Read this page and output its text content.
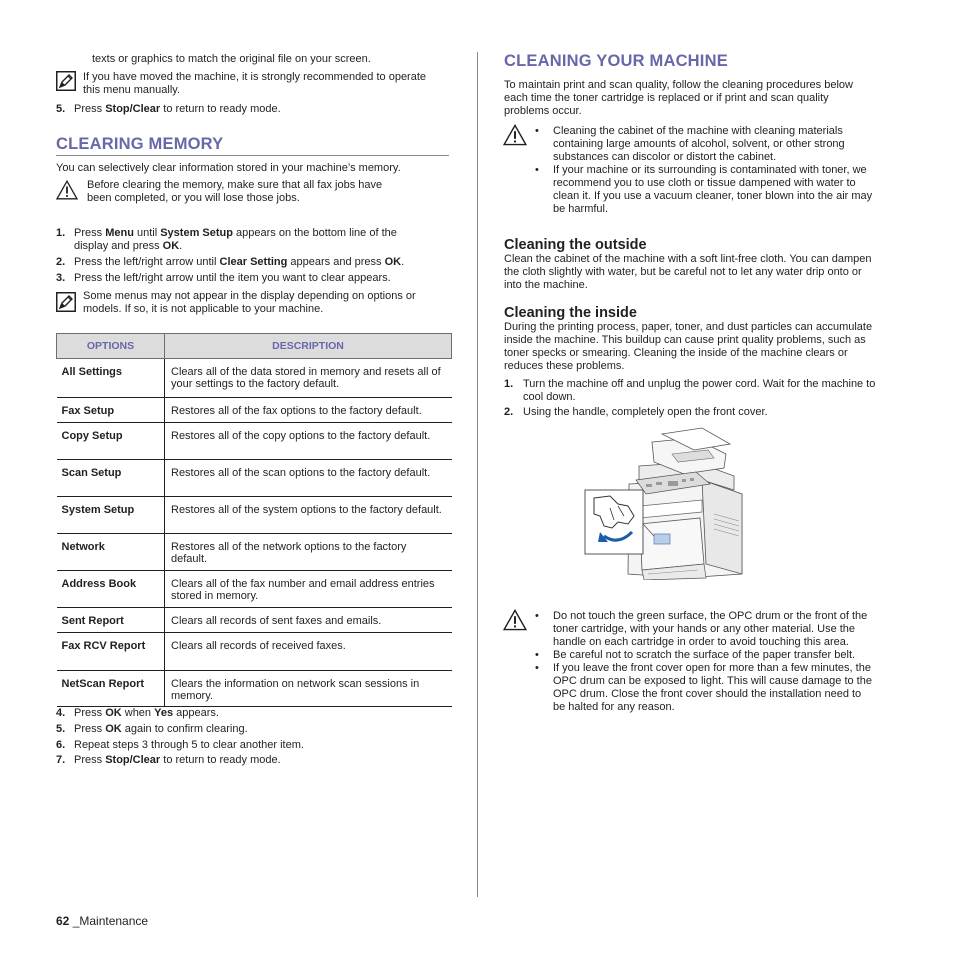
texts or graphics to match the original file on your screen.
If you have moved the machine, it is strongly recommended to operate
this menu manually.
5. Press Stop/Clear to return to ready mode.
CLEARING MEMORY
You can selectively clear information stored in your machine’s memory.
Before clearing the memory, make sure that all fax jobs have
been completed, or you will lose those jobs.
1. Press Menu until System Setup appears on the bottom line of the
display and press OK.
2. Press the left/right arrow until Clear Setting appears and press OK.
3. Press the left/right arrow until the item you want to clear appears.
Some menus may not appear in the display depending on options or
models. If so, it is not applicable to your machine.
OPTIONS	DESCRIPTION
All Settings	Clears all of the data stored in memory and resets all of your settings to the factory default.
Fax Setup	Restores all of the fax options to the factory default.
Copy Setup	Restores all of the copy options to the factory default.
Scan Setup	Restores all of the scan options to the factory default.
System Setup	Restores all of the system options to the factory default.
Network	Restores all of the network options to the factory default.
Address Book	Clears all of the fax number and email address entries stored in memory.
Sent Report	Clears all records of sent faxes and emails.
Fax RCV Report	Clears all records of received faxes.
NetScan Report	Clears the information on network scan sessions in memory.
4. Press OK when Yes appears.
5. Press OK again to confirm clearing.
6. Repeat steps 3 through 5 to clear another item.
7. Press Stop/Clear to return to ready mode.
62 _Maintenance
CLEANING YOUR MACHINE
To maintain print and scan quality, follow the cleaning procedures below
each time the toner cartridge is replaced or if print and scan quality
problems occur.
• Cleaning the cabinet of the machine with cleaning materials
containing large amounts of alcohol, solvent, or other strong
substances can discolor or distort the cabinet.
• If your machine or its surrounding is contaminated with toner, we
recommend you to use cloth or tissue dampened with water to
clean it. If you use a vacuum cleaner, toner blown into the air may
be harmful.
Cleaning the outside
Clean the cabinet of the machine with a soft lint-free cloth. You can dampen
the cloth slightly with water, but be careful not to let any water drip onto or
into the machine.
Cleaning the inside
During the printing process, paper, toner, and dust particles can accumulate
inside the machine. This buildup can cause print quality problems, such as
toner specks or smearing. Cleaning the inside of the machine clears or
reduces these problems.
1. Turn the machine off and unplug the power cord. Wait for the machine to
cool down.
2. Using the handle, completely open the front cover.
• Do not touch the green surface, the OPC drum or the front of the
toner cartridge, with your hands or any other material. Use the
handle on each cartridge in order to avoid touching this area.
• Be careful not to scratch the surface of the paper transfer belt.
• If you leave the front cover open for more than a few minutes, the
OPC drum can be exposed to light. This will cause damage to the
OPC drum. Close the front cover should the installation need to
be halted for any reason.
